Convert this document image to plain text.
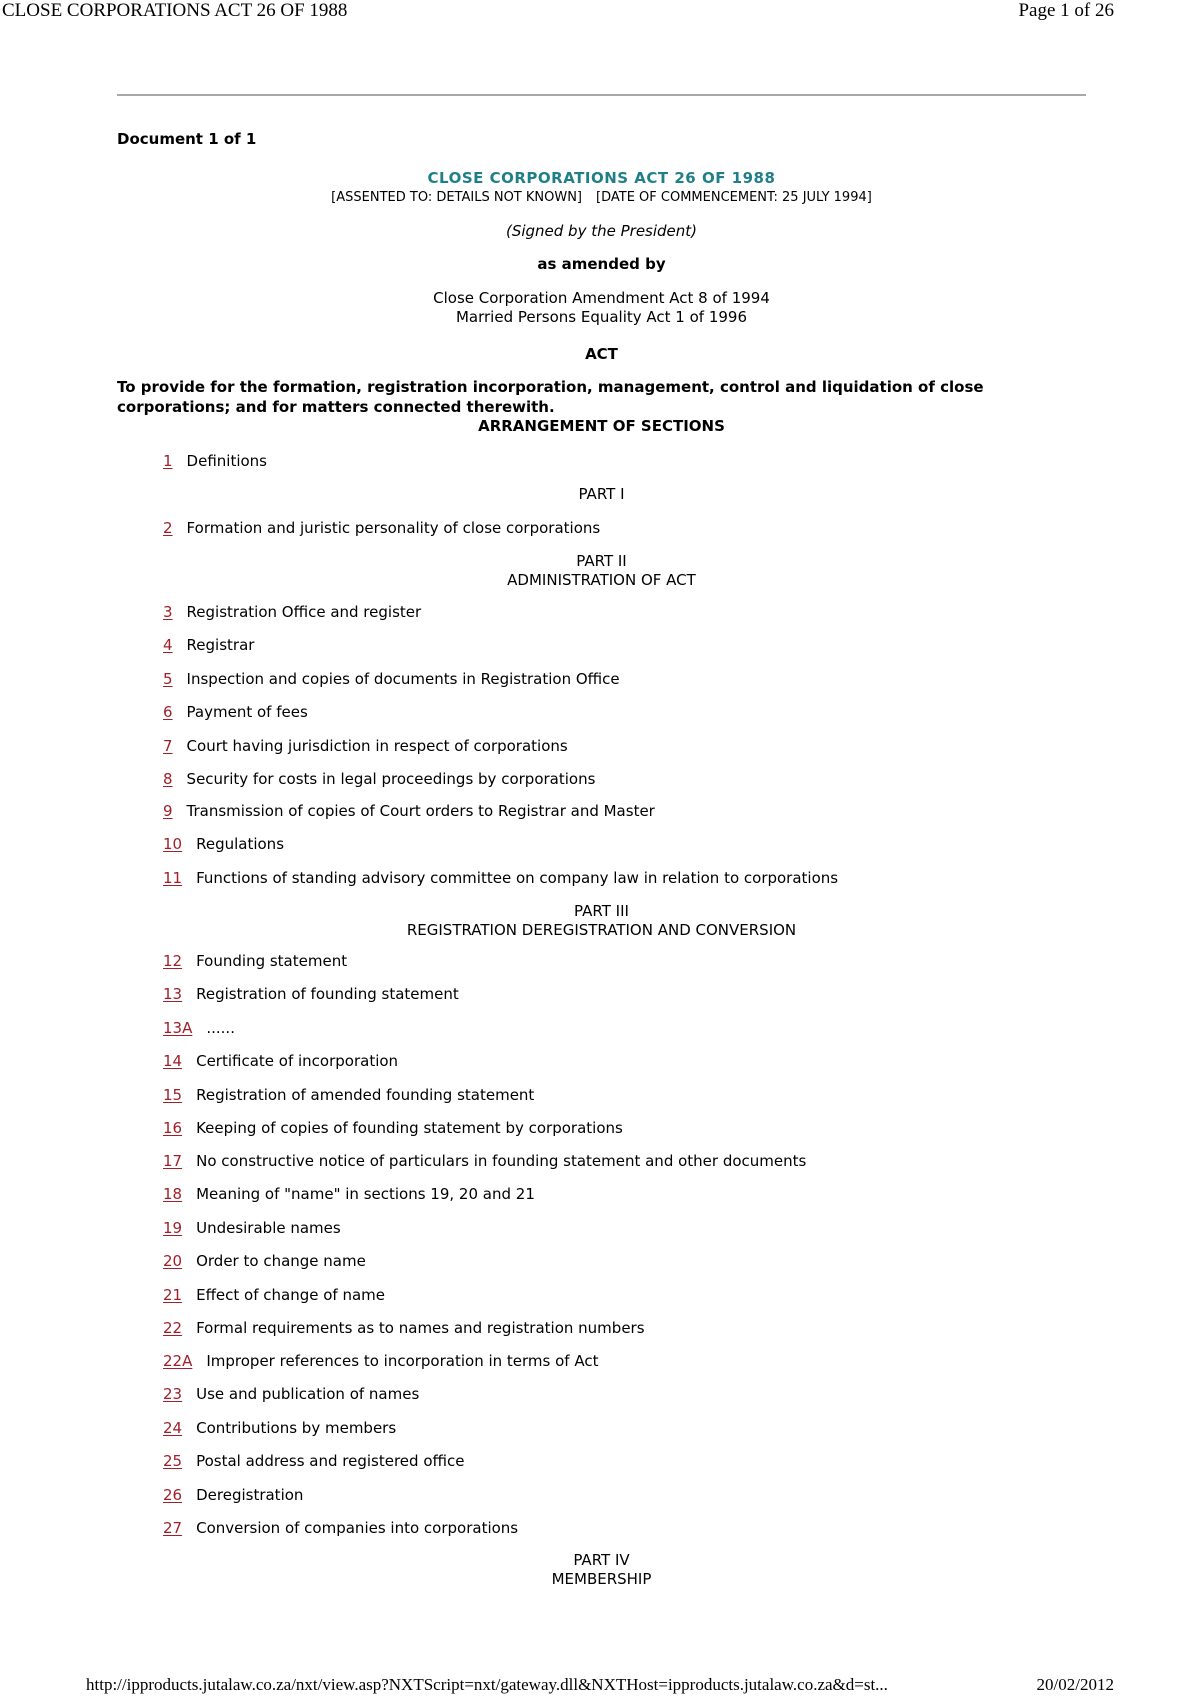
CLOSE CORPORATIONS ACT 26 OF 1988	Page 1 of 26
Document 1 of 1
CLOSE CORPORATIONS ACT 26 OF 1988
[ASSENTED TO: DETAILS NOT KNOWN] [DATE OF COMMENCEMENT: 25 JULY 1994]
(Signed by the President)
as amended by
Close Corporation Amendment Act 8 of 1994
Married Persons Equality Act 1 of 1996
ACT
To provide for the formation, registration incorporation, management, control and liquidation of close corporations; and for matters connected therewith.
ARRANGEMENT OF SECTIONS
1 Definitions
PART I
2 Formation and juristic personality of close corporations
PART II
ADMINISTRATION OF ACT
3 Registration Office and register
4 Registrar
5 Inspection and copies of documents in Registration Office
6 Payment of fees
7 Court having jurisdiction in respect of corporations
8 Security for costs in legal proceedings by corporations
9 Transmission of copies of Court orders to Registrar and Master
10 Regulations
11 Functions of standing advisory committee on company law in relation to corporations
PART III
REGISTRATION DEREGISTRATION AND CONVERSION
12 Founding statement
13 Registration of founding statement
13A ......
14 Certificate of incorporation
15 Registration of amended founding statement
16 Keeping of copies of founding statement by corporations
17 No constructive notice of particulars in founding statement and other documents
18 Meaning of "name" in sections 19, 20 and 21
19 Undesirable names
20 Order to change name
21 Effect of change of name
22 Formal requirements as to names and registration numbers
22A Improper references to incorporation in terms of Act
23 Use and publication of names
24 Contributions by members
25 Postal address and registered office
26 Deregistration
27 Conversion of companies into corporations
PART IV
MEMBERSHIP
http://ipproducts.jutalaw.co.za/nxt/view.asp?NXTScript=nxt/gateway.dll&NXTHost=ipproducts.jutalaw.co.za&d=st...	20/02/2012
